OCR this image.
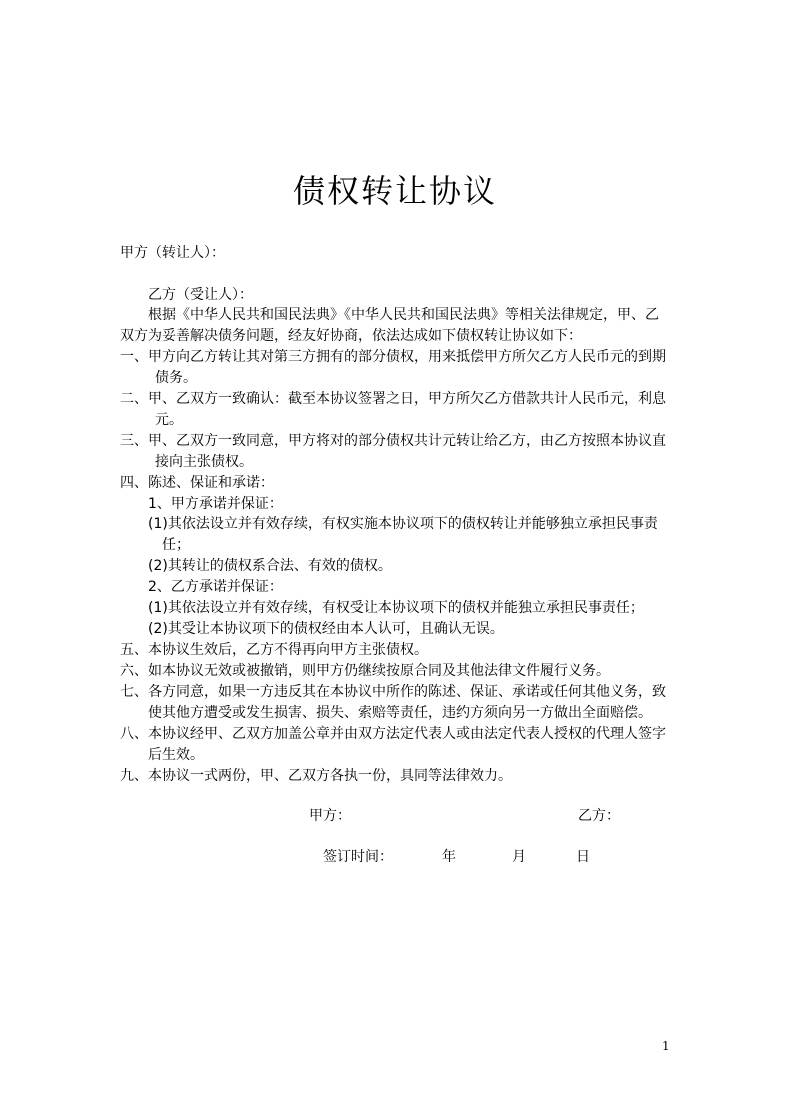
债权转让协议
甲方（转让人）：
乙方（受让人）：
根据《中华人民共和国民法典》《中华人民共和国民法典》等相关法律规定，甲、乙
双方为妥善解决债务问题，经友好协商，依法达成如下债权转让协议如下：
一、甲方向乙方转让其对第三方拥有的部分债权，用来抵偿甲方所欠乙方人民币元的到期
债务。
二、甲、乙双方一致确认：截至本协议签署之日，甲方所欠乙方借款共计人民币元，利息
元。
三、甲、乙双方一致同意，甲方将对的部分债权共计元转让给乙方，由乙方按照本协议直
接向主张债权。
四、陈述、保证和承诺：
1、甲方承诺并保证：
(1)其依法设立并有效存续，有权实施本协议项下的债权转让并能够独立承担民事责
任；
(2)其转让的债权系合法、有效的债权。
2、乙方承诺并保证：
(1)其依法设立并有效存续，有权受让本协议项下的债权并能独立承担民事责任；
(2)其受让本协议项下的债权经由本人认可，且确认无误。
五、本协议生效后，乙方不得再向甲方主张债权。
六、如本协议无效或被撤销，则甲方仍继续按原合同及其他法律文件履行义务。
七、各方同意，如果一方违反其在本协议中所作的陈述、保证、承诺或任何其他义务，致
使其他方遭受或发生损害、损失、索赔等责任，违约方须向另一方做出全面赔偿。
八、本协议经甲、乙双方加盖公章并由双方法定代表人或由法定代表人授权的代理人签字
后生效。
九、本协议一式两份，甲、乙双方各执一份，具同等法律效力。
甲方：	乙方：
签订时间：	年	月	日
1
